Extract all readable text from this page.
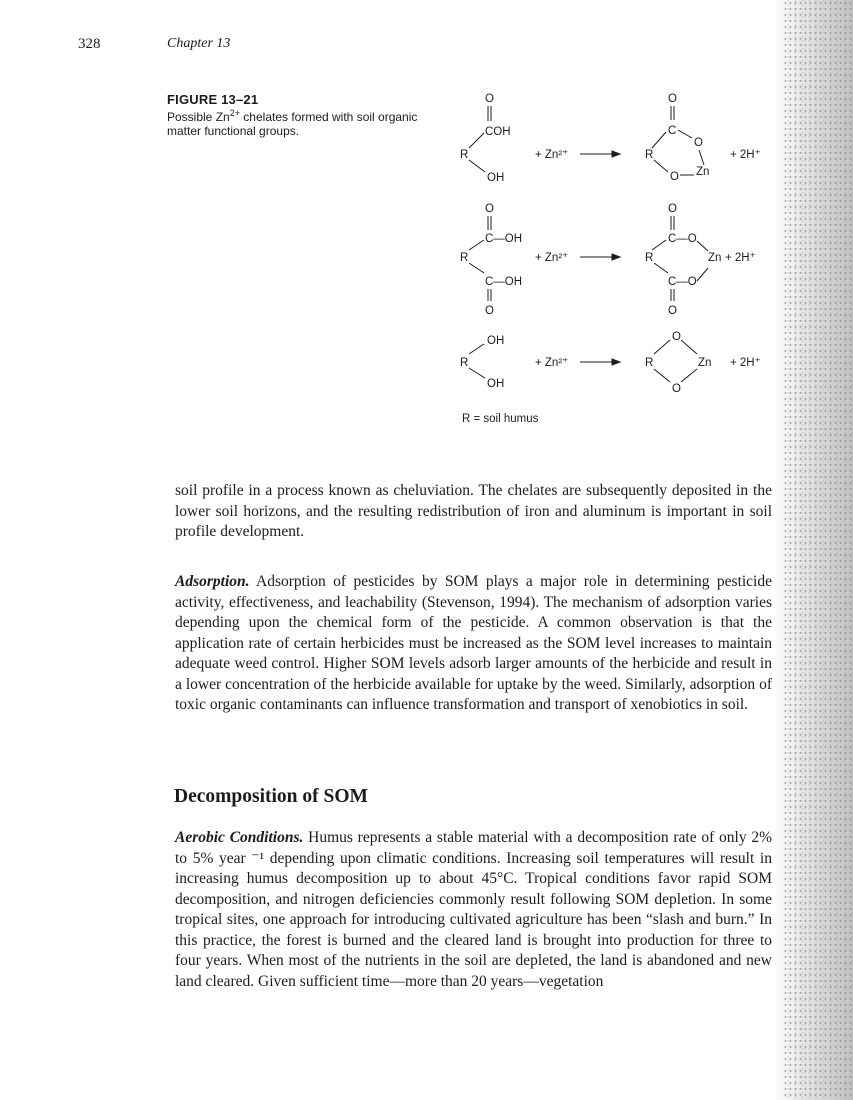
328	Chapter 13
FIGURE 13–21
Possible $Zn^{2+}$ chelates formed with soil organic matter functional groups.
O
COH
R
OH
+ Zn²⁺
O
C
O
R
O Zn
+ 2H⁺
O
C—OH
R
C—OH
O
+ Zn²⁺
O
C—O
R	Zn
C—O
O
+ 2H⁺
OH
R
OH
+ Zn²⁺
O
R	Zn
O
+ 2H⁺
R = soil humus
soil profile in a process known as cheluviation. The chelates are subsequently deposited in the lower soil horizons, and the resulting redistribution of iron and aluminum is important in soil profile development.
Adsorption. Adsorption of pesticides by SOM plays a major role in determining pesticide activity, effectiveness, and leachability (Stevenson, 1994). The mechanism of adsorption varies depending upon the chemical form of the pesticide. A common observation is that the application rate of certain herbicides must be increased as the SOM level increases to maintain adequate weed control. Higher SOM levels adsorb larger amounts of the herbicide and result in a lower concentration of the herbicide available for uptake by the weed. Similarly, adsorption of toxic organic contaminants can influence transformation and transport of xenobiotics in soil.
Decomposition of SOM
Aerobic Conditions. Humus represents a stable material with a decomposition rate of only 2% to 5% year ⁻¹ depending upon climatic conditions. Increasing soil temperatures will result in increasing humus decomposition up to about 45°C. Tropical conditions favor rapid SOM decomposition, and nitrogen deficiencies commonly result following SOM depletion. In some tropical sites, one approach for introducing cultivated agriculture has been “slash and burn.” In this practice, the forest is burned and the cleared land is brought into production for three to four years. When most of the nutrients in the soil are depleted, the land is abandoned and new land cleared. Given sufficient time—more than 20 years—vegetation
